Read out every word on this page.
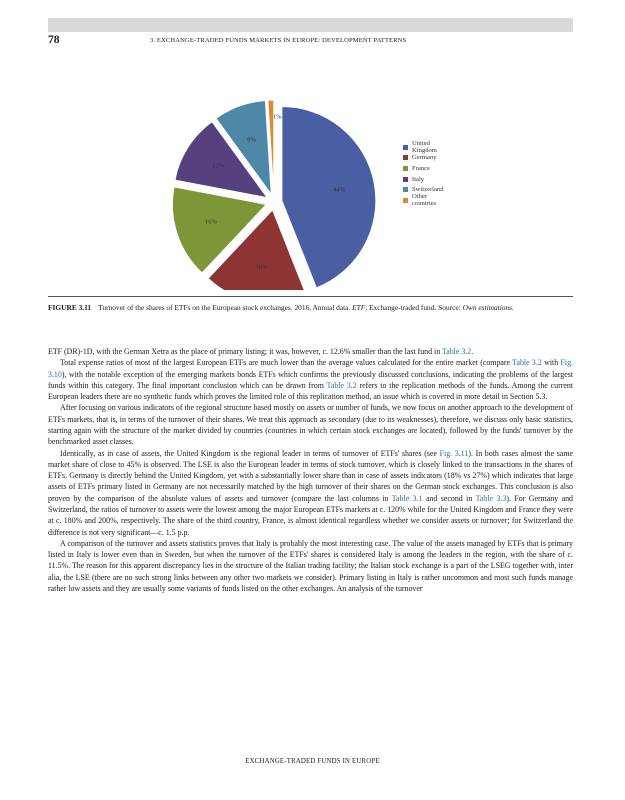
78	3. EXCHANGE-TRADED FUNDS MARKETS IN EUROPE: DEVELOPMENT PATTERNS
44%
18%
16%
12%
9%
1%
United Kingdom
Germany
France
Italy
Switzerland
Other countries
FIGURE 3.11 Turnover of the shares of ETFs on the European stock exchanges. 2016, Annual data. ETF, Exchange-traded fund. Source: Own estimations.

ETF (DR)-1D, with the German Xetra as the place of primary listing; it was, however, c. 12.6% smaller than the last fund in Table 3.2.

Total expense ratios of most of the largest European ETFs are much lower than the average values calculated for the entire market (compare Table 3.2 with Fig. 3.10), with the notable exception of the emerging markets bonds ETFs which confirms the previously discussed conclusions, indicating the problems of the largest funds within this category. The final important conclusion which can be drawn from Table 3.2 refers to the replication methods of the funds. Among the current European leaders there are no synthetic funds which proves the limited role of this replication method, an issue which is covered in more detail in Section 5.3.

After focusing on various indicators of the regional structure based mostly on assets or number of funds, we now focus on another approach to the development of ETFs markets, that is, in terms of the turnover of their shares. We treat this approach as secondary (due to its weaknesses), therefore, we discuss only basic statistics, starting again with the structure of the market divided by countries (countries in which certain stock exchanges are located), followed by the funds' turnover by the benchmarked asset classes.

Identically, as in case of assets, the United Kingdom is the regional leader in terms of turnover of ETFs' shares (see Fig. 3.11). In both cases almost the same market share of close to 45% is observed. The LSE is also the European leader in terms of stock turnover, which is closely linked to the transactions in the shares of ETFs. Germany is directly behind the United Kingdom, yet with a substantially lower share than in case of assets indicators (18% vs 27%) which indicates that large assets of ETFs primary listed in Germany are not necessarily matched by the high turnover of their shares on the German stock exchanges. This conclusion is also proven by the comparison of the absolute values of assets and turnover (compare the last columns in Table 3.1 and second in Table 3.3). For Germany and Switzerland, the ratios of turnover to assets were the lowest among the major European ETFs markets at c. 120% while for the United Kingdom and France they were at c. 180% and 200%, respectively. The share of the third country, France, is almost identical regardless whether we consider assets or turnover; for Switzerland the difference is not very significant—c. 1.5 p.p.

A comparison of the turnover and assets statistics proves that Italy is probably the most interesting case. The value of the assets managed by ETFs that is primary listed in Italy is lower even than in Sweden, but when the turnover of the ETFs' shares is considered Italy is among the leaders in the region, with the share of c. 11.5%. The reason for this apparent discrepancy lies in the structure of the Italian trading facility; the Italian stock exchange is a part of the LSEG together with, inter alia, the LSE (there are no such strong links between any other two markets we consider). Primary listing in Italy is rather uncommon and most such funds manage rather low assets and they are usually some variants of funds listed on the other exchanges. An analysis of the turnover

EXCHANGE-TRADED FUNDS IN EUROPE
